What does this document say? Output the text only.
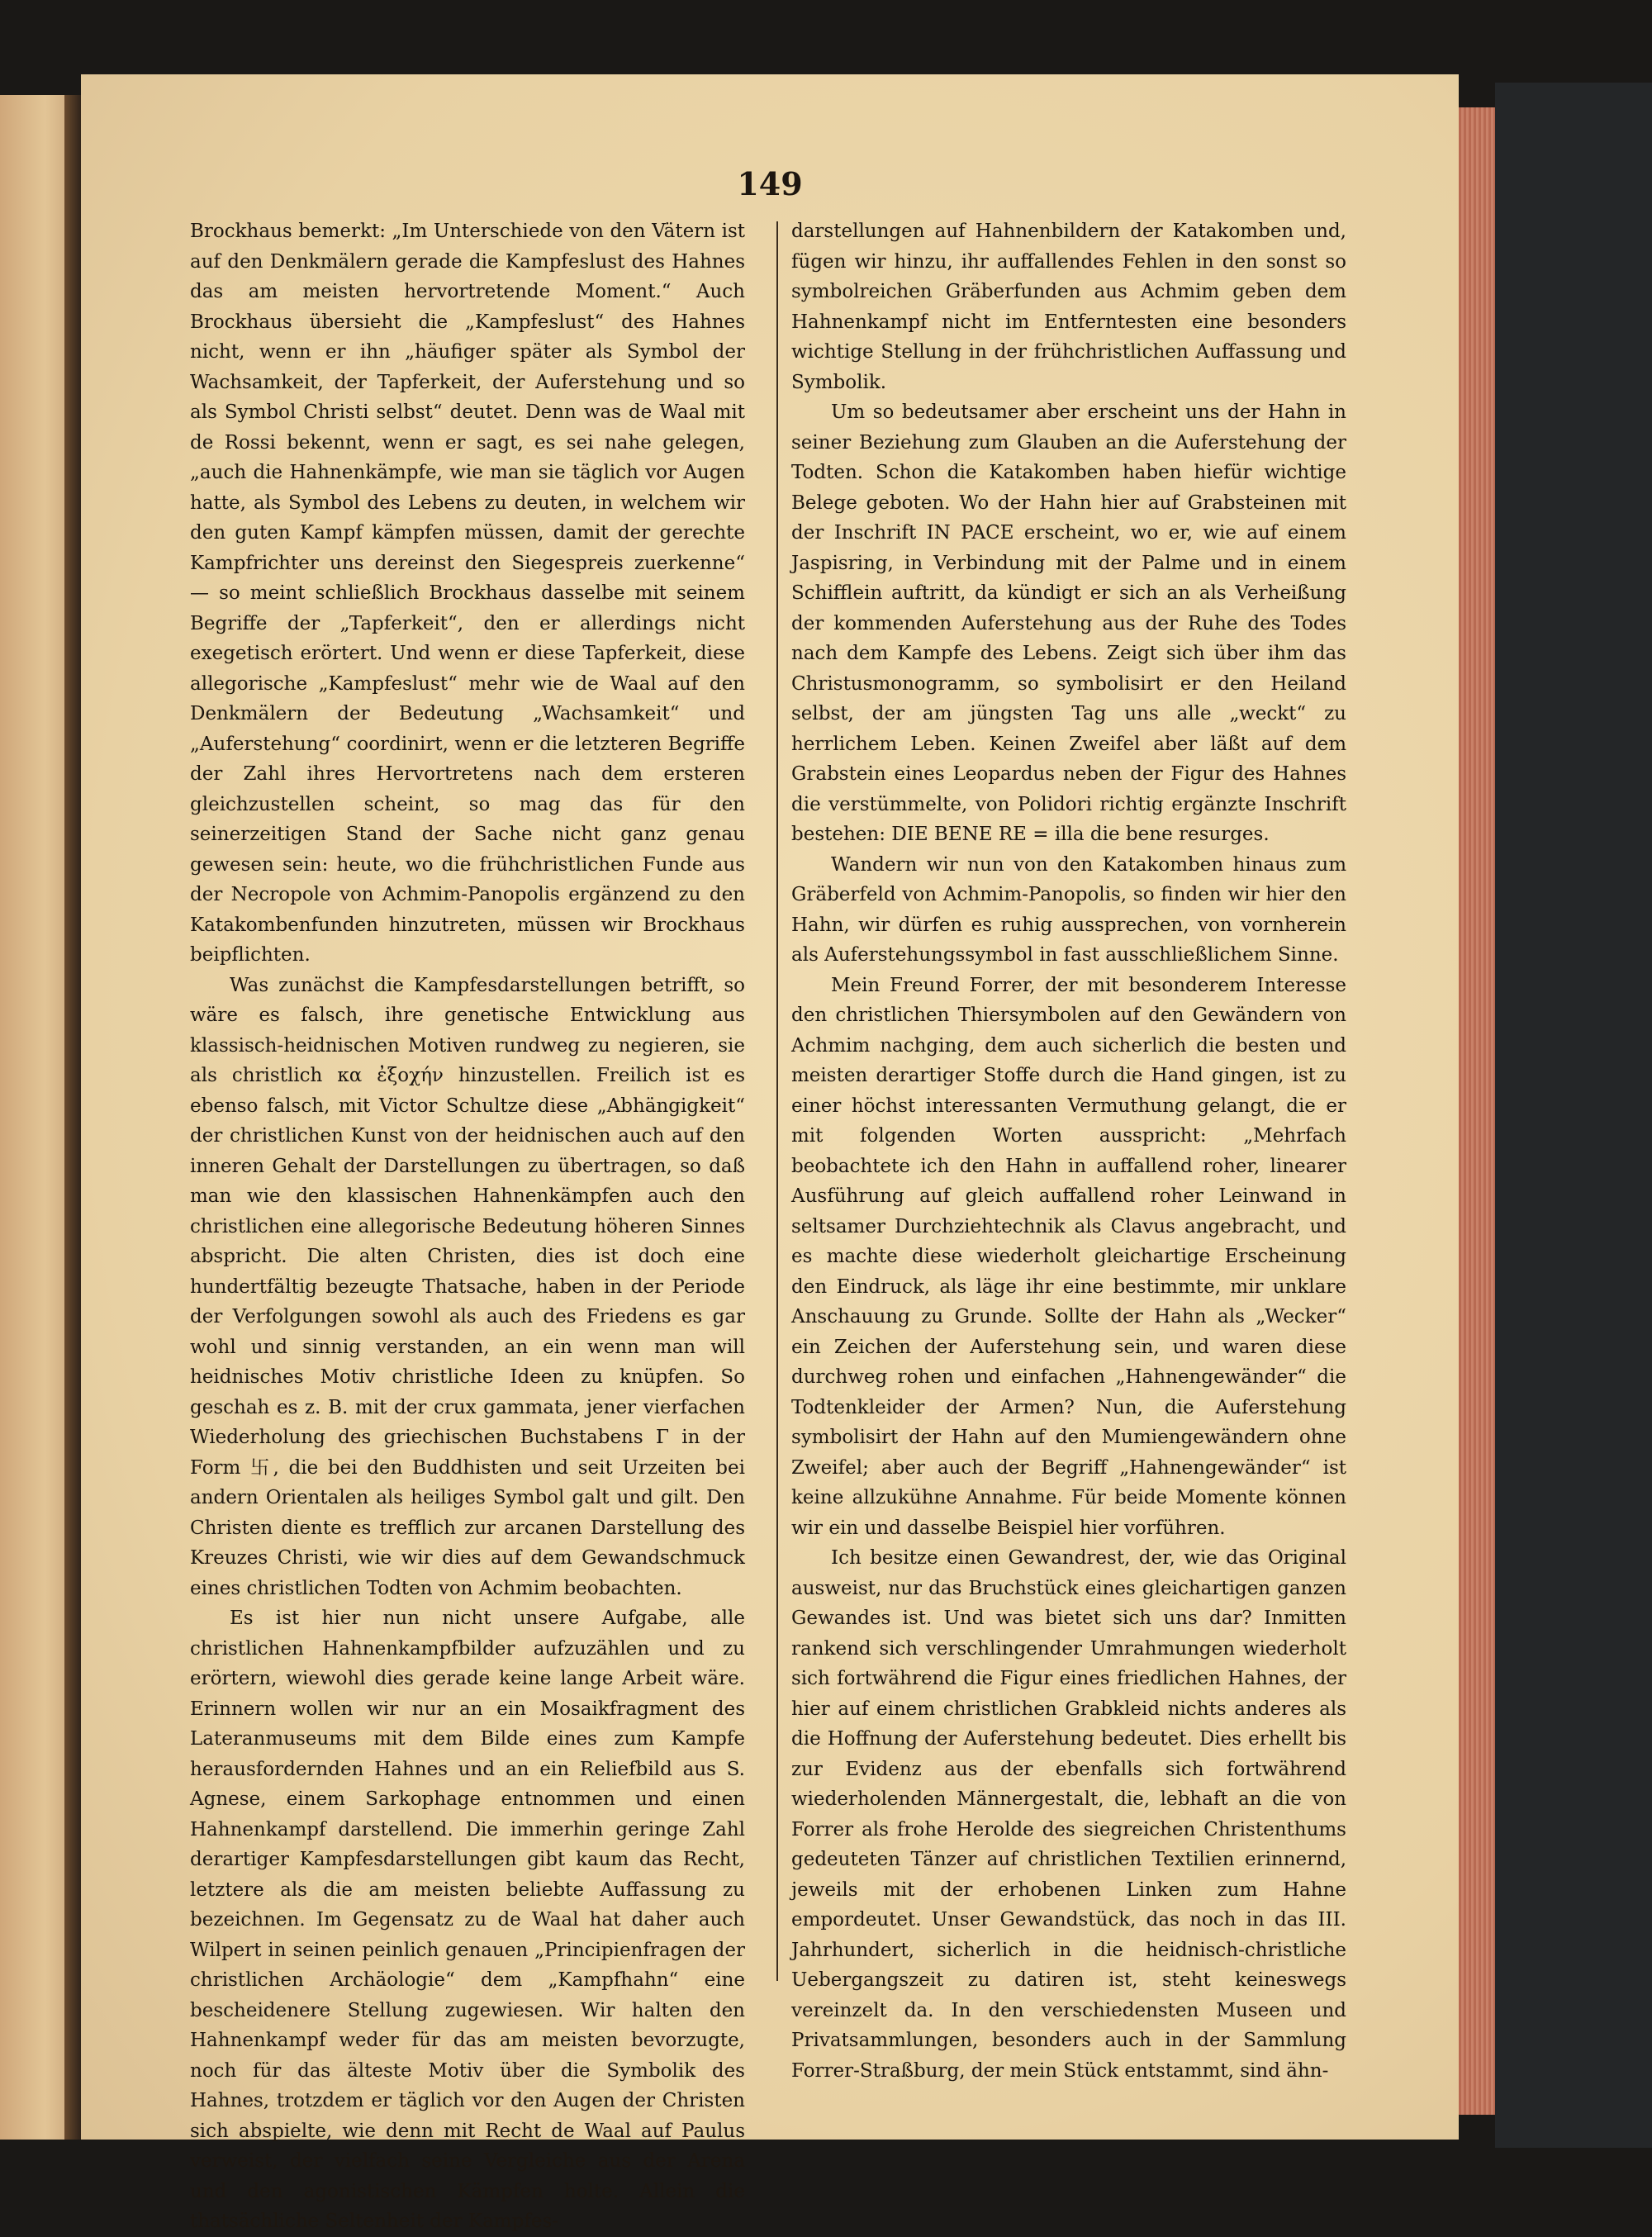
149

Brockhaus bemerkt: „Im Unterschiede von den Vätern ist auf den Denkmälern gerade die Kampfeslust des Hahnes das am meisten hervortretende Moment.“ Auch Brockhaus übersieht die „Kampfeslust“ des Hahnes nicht, wenn er ihn „häufiger später als Symbol der Wachsamkeit, der Tapferkeit, der Auferstehung und so als Symbol Christi selbst“ deutet. Denn was de Waal mit de Rossi bekennt, wenn er sagt, es sei nahe gelegen, „auch die Hahnenkämpfe, wie man sie täglich vor Augen hatte, als Symbol des Lebens zu deuten, in welchem wir den guten Kampf kämpfen müssen, damit der gerechte Kampfrichter uns dereinst den Siegespreis zuerkenne“ — so meint schließlich Brockhaus dasselbe mit seinem Begriffe der „Tapferkeit“, den er allerdings nicht exegetisch erörtert. Und wenn er diese Tapferkeit, diese allegorische „Kampfeslust“ mehr wie de Waal auf den Denkmälern der Bedeutung „Wachsamkeit“ und „Auferstehung“ coordinirt, wenn er die letzteren Begriffe der Zahl ihres Hervortretens nach dem ersteren gleichzustellen scheint, so mag das für den seinerzeitigen Stand der Sache nicht ganz genau gewesen sein: heute, wo die frühchristlichen Funde aus der Necropole von Achmim-Panopolis ergänzend zu den Katakombenfunden hinzutreten, müssen wir Brockhaus beipflichten.

Was zunächst die Kampfesdarstellungen betrifft, so wäre es falsch, ihre genetische Entwicklung aus klassisch-heidnischen Motiven rundweg zu negieren, sie als christlich κα ἐξοχήν hinzustellen. Freilich ist es ebenso falsch, mit Victor Schultze diese „Abhängigkeit“ der christlichen Kunst von der heidnischen auch auf den inneren Gehalt der Darstellungen zu übertragen, so daß man wie den klassischen Hahnenkämpfen auch den christlichen eine allegorische Bedeutung höheren Sinnes abspricht. Die alten Christen, dies ist doch eine hundertfältig bezeugte Thatsache, haben in der Periode der Verfolgungen sowohl als auch des Friedens es gar wohl und sinnig verstanden, an ein wenn man will heidnisches Motiv christliche Ideen zu knüpfen. So geschah es z. B. mit der crux gammata, jener vierfachen Wiederholung des griechischen Buchstabens Γ in der Form 卐, die bei den Buddhisten und seit Urzeiten bei andern Orientalen als heiliges Symbol galt und gilt. Den Christen diente es trefflich zur arcanen Darstellung des Kreuzes Christi, wie wir dies auf dem Gewandschmuck eines christlichen Todten von Achmim beobachten.

Es ist hier nun nicht unsere Aufgabe, alle christlichen Hahnenkampfbilder aufzuzählen und zu erörtern, wiewohl dies gerade keine lange Arbeit wäre. Erinnern wollen wir nur an ein Mosaikfragment des Lateranmuseums mit dem Bilde eines zum Kampfe herausfordernden Hahnes und an ein Reliefbild aus S. Agnese, einem Sarkophage entnommen und einen Hahnenkampf darstellend. Die immerhin geringe Zahl derartiger Kampfesdarstellungen gibt kaum das Recht, letztere als die am meisten beliebte Auffassung zu bezeichnen. Im Gegensatz zu de Waal hat daher auch Wilpert in seinen peinlich genauen „Principienfragen der christlichen Archäologie“ dem „Kampfhahn“ eine bescheidenere Stellung zugewiesen. Wir halten den Hahnenkampf weder für das am meisten bevorzugte, noch für das älteste Motiv über die Symbolik des Hahnes, trotzdem er täglich vor den Augen der Christen sich abspielte, wie denn mit Recht de Waal auf Paulus verweist, der vielfach seine Vergleiche aus der Arena und den agonistischen Kämpfen holte. Allein die thatsächliche Seltenheit der Kampfes-

darstellungen auf Hahnenbildern der Katakomben und, fügen wir hinzu, ihr auffallendes Fehlen in den sonst so symbolreichen Gräberfunden aus Achmim geben dem Hahnenkampf nicht im Entferntesten eine besonders wichtige Stellung in der frühchristlichen Auffassung und Symbolik.

Um so bedeutsamer aber erscheint uns der Hahn in seiner Beziehung zum Glauben an die Auferstehung der Todten. Schon die Katakomben haben hiefür wichtige Belege geboten. Wo der Hahn hier auf Grabsteinen mit der Inschrift IN PACE erscheint, wo er, wie auf einem Jaspisring, in Verbindung mit der Palme und in einem Schifflein auftritt, da kündigt er sich an als Verheißung der kommenden Auferstehung aus der Ruhe des Todes nach dem Kampfe des Lebens. Zeigt sich über ihm das Christusmonogramm, so symbolisirt er den Heiland selbst, der am jüngsten Tag uns alle „weckt“ zu herrlichem Leben. Keinen Zweifel aber läßt auf dem Grabstein eines Leopardus neben der Figur des Hahnes die verstümmelte, von Polidori richtig ergänzte Inschrift bestehen: DIE BENE RE = illa die bene resurges.

Wandern wir nun von den Katakomben hinaus zum Gräberfeld von Achmim-Panopolis, so finden wir hier den Hahn, wir dürfen es ruhig aussprechen, von vornherein als Auferstehungssymbol in fast ausschließlichem Sinne.

Mein Freund Forrer, der mit besonderem Interesse den christlichen Thiersymbolen auf den Gewändern von Achmim nachging, dem auch sicherlich die besten und meisten derartiger Stoffe durch die Hand gingen, ist zu einer höchst interessanten Vermuthung gelangt, die er mit folgenden Worten ausspricht: „Mehrfach beobachtete ich den Hahn in auffallend roher, linearer Ausführung auf gleich auffallend roher Leinwand in seltsamer Durchziehtechnik als Clavus angebracht, und es machte diese wiederholt gleichartige Erscheinung den Eindruck, als läge ihr eine bestimmte, mir unklare Anschauung zu Grunde. Sollte der Hahn als „Wecker“ ein Zeichen der Auferstehung sein, und waren diese durchweg rohen und einfachen „Hahnengewänder“ die Todtenkleider der Armen? Nun, die Auferstehung symbolisirt der Hahn auf den Mumiengewändern ohne Zweifel; aber auch der Begriff „Hahnengewänder“ ist keine allzukühne Annahme. Für beide Momente können wir ein und dasselbe Beispiel hier vorführen.

Ich besitze einen Gewandrest, der, wie das Original ausweist, nur das Bruchstück eines gleichartigen ganzen Gewandes ist. Und was bietet sich uns dar? Inmitten rankend sich verschlingender Umrahmungen wiederholt sich fortwährend die Figur eines friedlichen Hahnes, der hier auf einem christlichen Grabkleid nichts anderes als die Hoffnung der Auferstehung bedeutet. Dies erhellt bis zur Evidenz aus der ebenfalls sich fortwährend wiederholenden Männergestalt, die, lebhaft an die von Forrer als frohe Herolde des siegreichen Christenthums gedeuteten Tänzer auf christlichen Textilien erinnernd, jeweils mit der erhobenen Linken zum Hahne empordeutet. Unser Gewandstück, das noch in das III. Jahrhundert, sicherlich in die heidnisch-christliche Uebergangszeit zu datiren ist, steht keineswegs vereinzelt da. In den verschiedensten Museen und Privatsammlungen, besonders auch in der Sammlung Forrer-Straßburg, der mein Stück entstammt, sind ähn-
